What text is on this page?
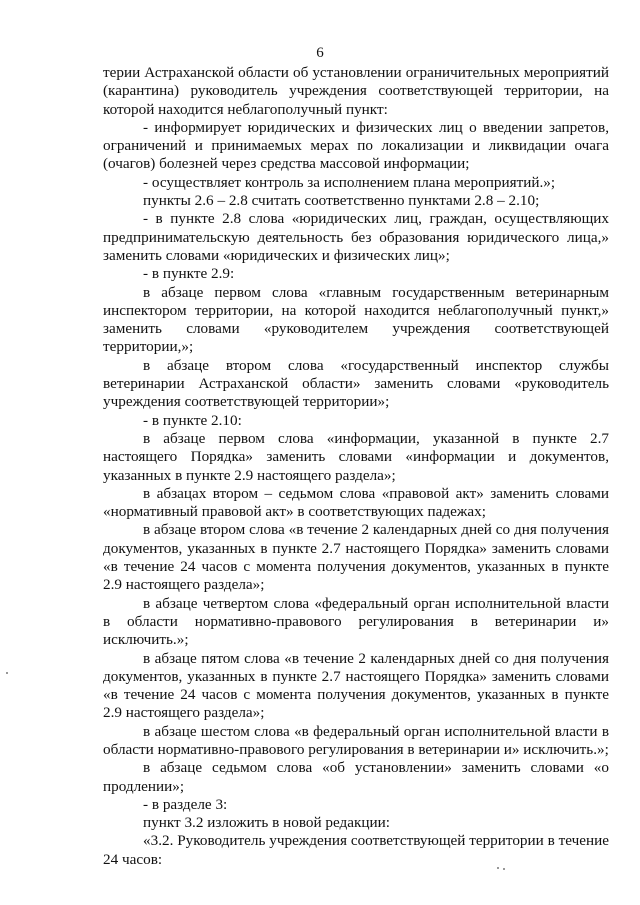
6

терии Астраханской области об установлении ограничительных мероприятий (карантина) руководитель учреждения соответствующей территории, на которой находится неблагополучный пункт:

- информирует юридических и физических лиц о введении запретов, ограничений и принимаемых мерах по локализации и ликвидации очага (очагов) болезней через средства массовой информации;

- осуществляет контроль за исполнением плана мероприятий.»;

пункты 2.6 – 2.8 считать соответственно пунктами 2.8 – 2.10;

- в пункте 2.8 слова «юридических лиц, граждан, осуществляющих предпринимательскую деятельность без образования юридического лица,» заменить словами «юридических и физических лиц»;

- в пункте 2.9:

в абзаце первом слова «главным государственным ветеринарным инспектором территории, на которой находится неблагополучный пункт,» заменить словами «руководителем учреждения соответствующей территории,»;

в абзаце втором слова «государственный инспектор службы ветеринарии Астраханской области» заменить словами «руководитель учреждения соответствующей территории»;

- в пункте 2.10:

в абзаце первом слова «информации, указанной в пункте 2.7 настоящего Порядка» заменить словами «информации и документов, указанных в пункте 2.9 настоящего раздела»;

в абзацах втором – седьмом слова «правовой акт» заменить словами «нормативный правовой акт» в соответствующих падежах;

в абзаце втором слова «в течение 2 календарных дней со дня получения документов, указанных в пункте 2.7 настоящего Порядка» заменить словами «в течение 24 часов с момента получения документов, указанных в пункте 2.9 настоящего раздела»;

в абзаце четвертом слова «федеральный орган исполнительной власти в области нормативно-правового регулирования в ветеринарии и» исключить.»;

в абзаце пятом слова «в течение 2 календарных дней со дня получения документов, указанных в пункте 2.7 настоящего Порядка» заменить словами «в течение 24 часов с момента получения документов, указанных в пункте 2.9 настоящего раздела»;

в абзаце шестом слова «в федеральный орган исполнительной власти в области нормативно-правового регулирования в ветеринарии и» исключить.»;

в абзаце седьмом слова «об установлении» заменить словами «о продлении»;

- в разделе 3:

пункт 3.2 изложить в новой редакции:

«3.2. Руководитель учреждения соответствующей территории в течение 24 часов:
